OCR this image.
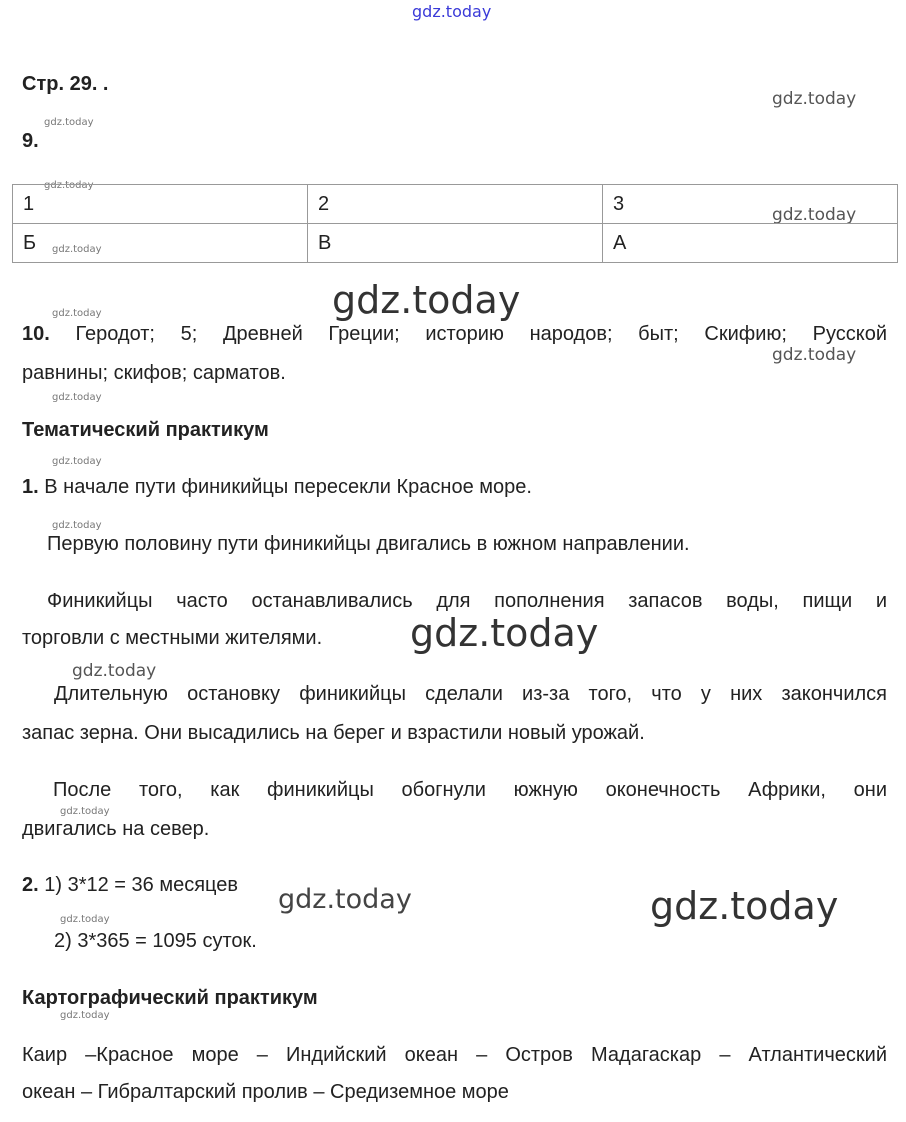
gdz.today
gdz.today
gdz.today
gdz.today
gdz.today
gdz.today
gdz.today
gdz.today
gdz.today
gdz.today
gdz.today
gdz.today
gdz.today
gdz.today
gdz.today
gdz.today	gdz.today
gdz.today
gdz.today
Стр. 29. .
9.
1	2	3
Б	В	А
10. Геродот; 5; Древней Греции; историю народов; быт; Скифию; Русской
равнины; скифов; сарматов.
Тематический практикум
1. В начале пути финикийцы пересекли Красное море.
Первую половину пути финикийцы двигались в южном направлении.
Финикийцы часто останавливались для пополнения запасов воды, пищи и
торговли с местными жителями.
Длительную остановку финикийцы сделали из-за того, что у них закончился
запас зерна. Они высадились на берег и взрастили новый урожай.
После того, как финикийцы обогнули южную оконечность Африки, они
двигались на север.
2. 1) 3*12 = 36 месяцев
2) 3*365 = 1095 суток.
Картографический практикум
Каир –Красное море – Индийский океан – Остров Мадагаскар – Атлантический
океан – Гибралтарский пролив – Средиземное море
